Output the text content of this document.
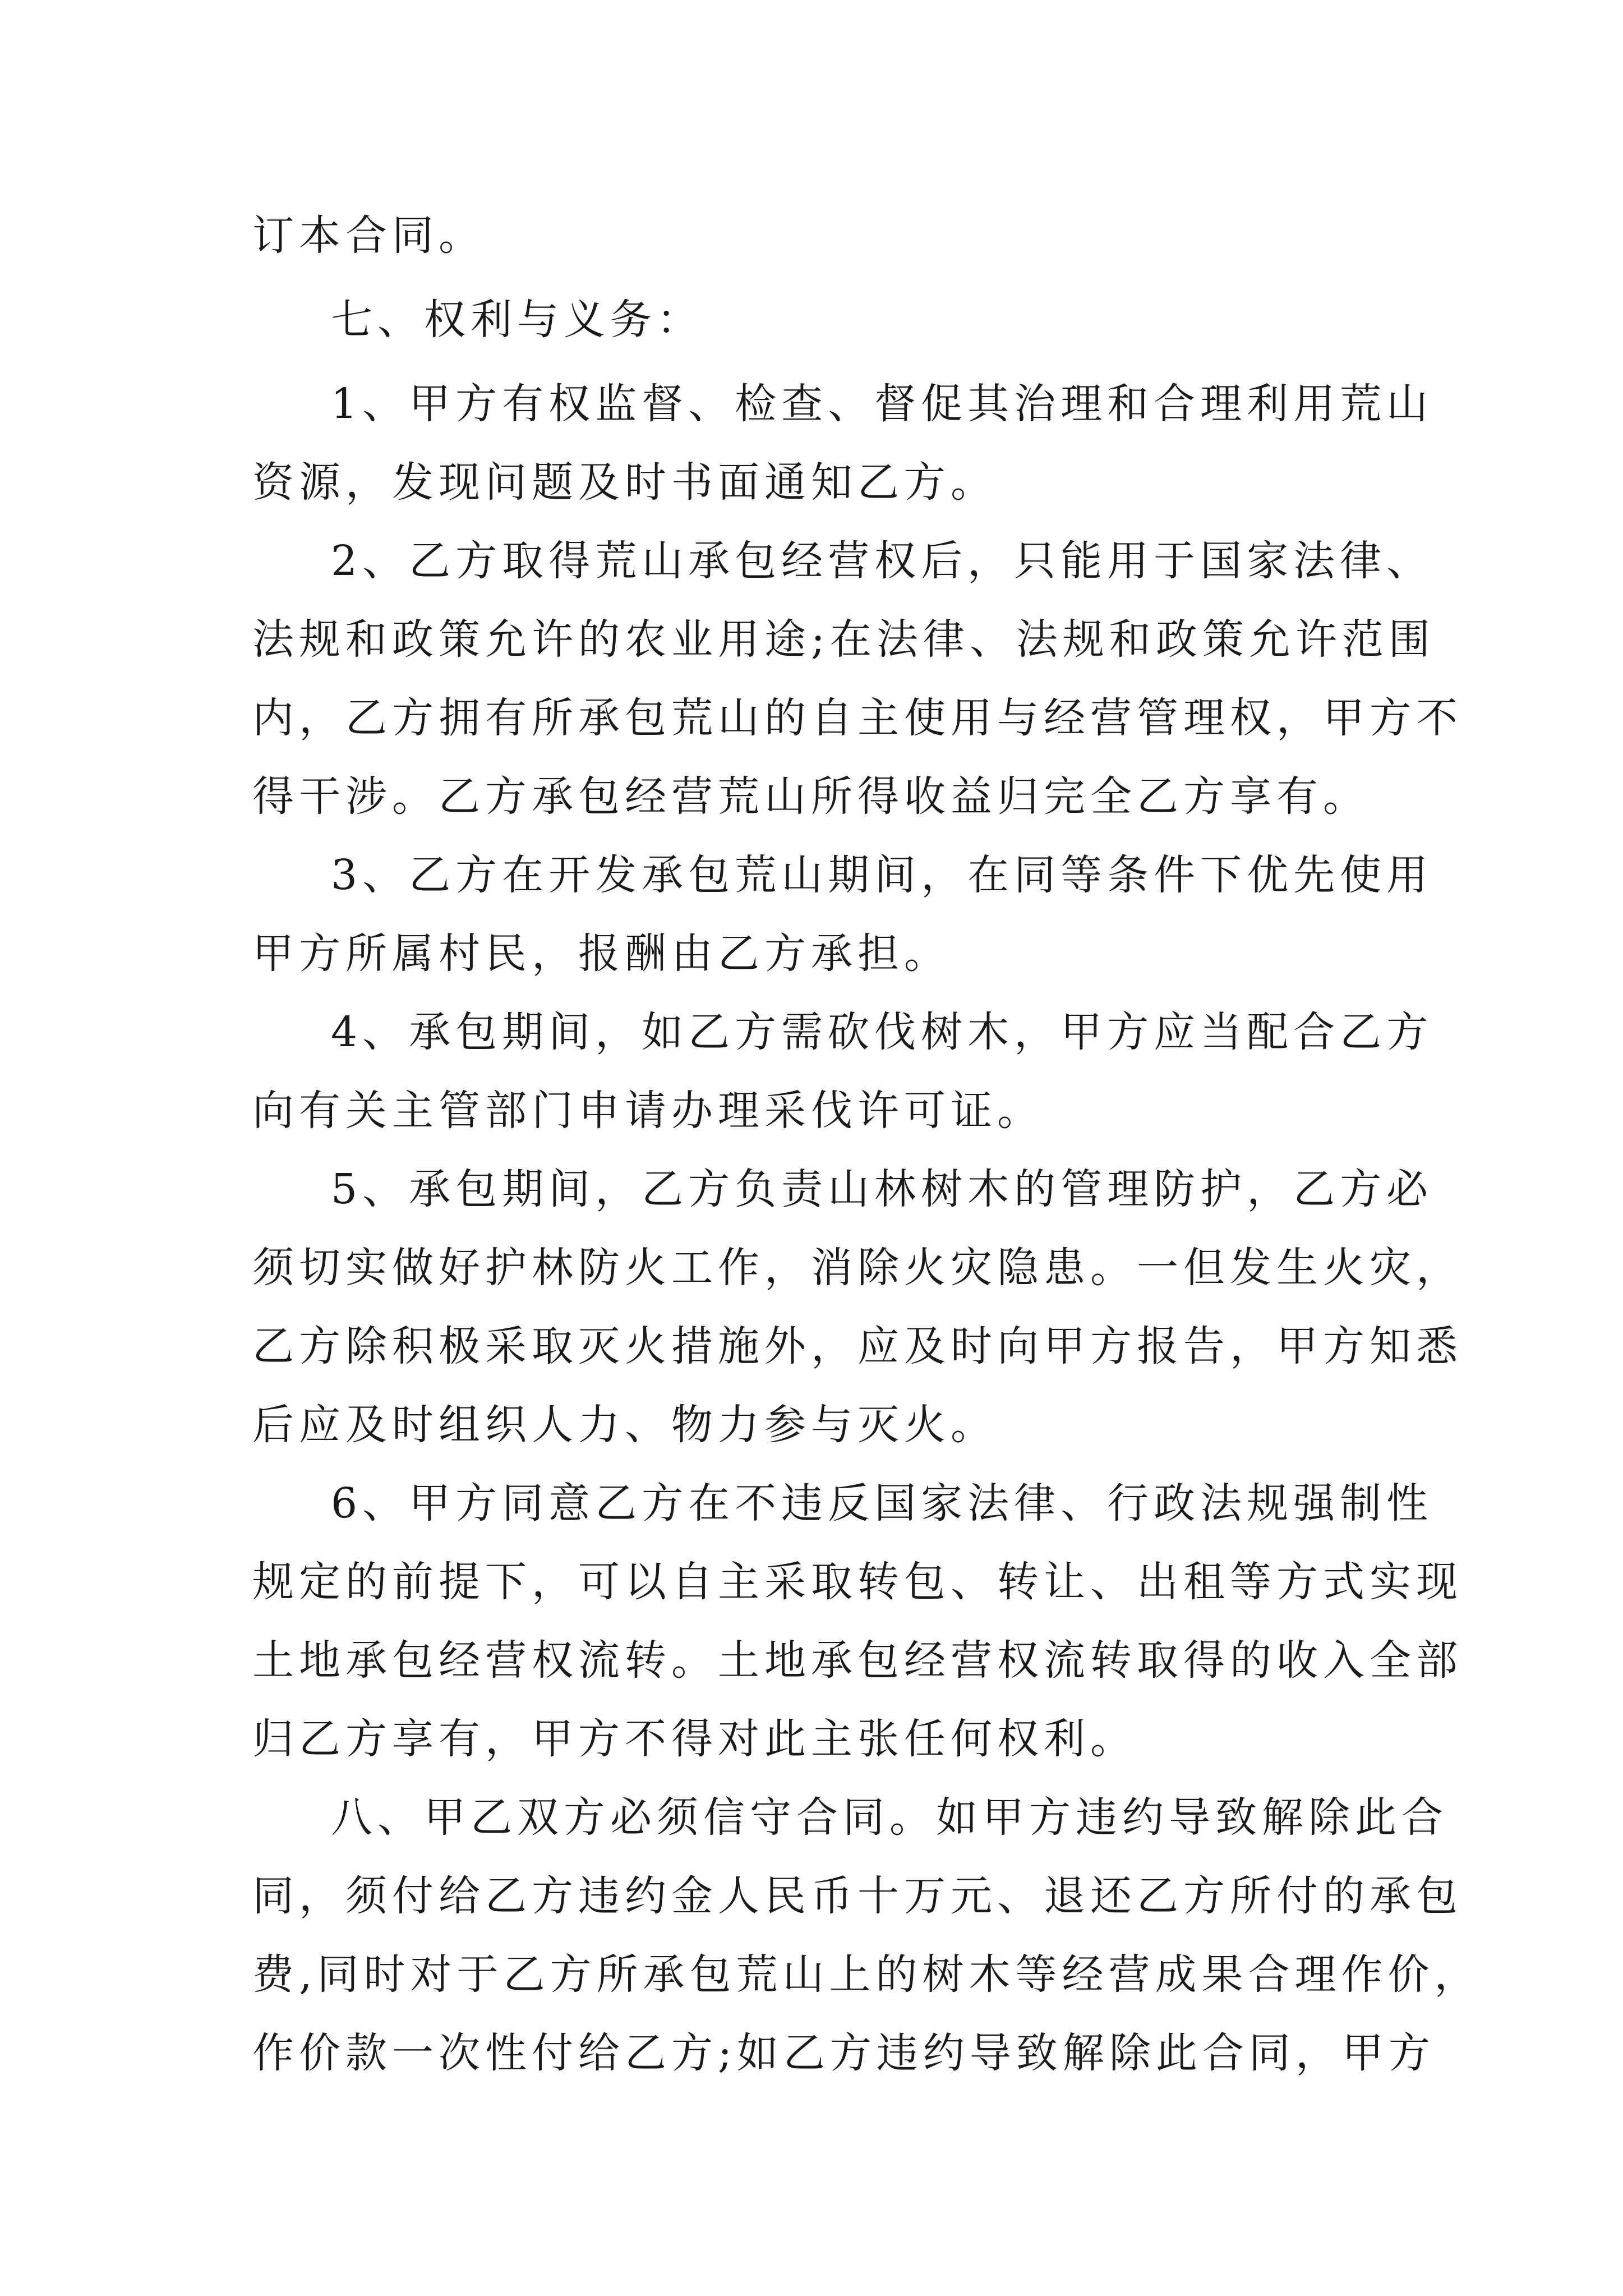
订本合同。
七、权利与义务：
1、甲方有权监督、检查、督促其治理和合理利用荒山
资源，发现问题及时书面通知乙方。
2、乙方取得荒山承包经营权后，只能用于国家法律、
法规和政策允许的农业用途;在法律、法规和政策允许范围
内，乙方拥有所承包荒山的自主使用与经营管理权，甲方不
得干涉。乙方承包经营荒山所得收益归完全乙方享有。
3、乙方在开发承包荒山期间，在同等条件下优先使用
甲方所属村民，报酬由乙方承担。
4、承包期间，如乙方需砍伐树木，甲方应当配合乙方
向有关主管部门申请办理采伐许可证。
5、承包期间，乙方负责山林树木的管理防护，乙方必
须切实做好护林防火工作，消除火灾隐患。一但发生火灾，
乙方除积极采取灭火措施外，应及时向甲方报告，甲方知悉
后应及时组织人力、物力参与灭火。
6、甲方同意乙方在不违反国家法律、行政法规强制性
规定的前提下，可以自主采取转包、转让、出租等方式实现
土地承包经营权流转。土地承包经营权流转取得的收入全部
归乙方享有，甲方不得对此主张任何权利。
八、甲乙双方必须信守合同。如甲方违约导致解除此合
同，须付给乙方违约金人民币十万元、退还乙方所付的承包
费,同时对于乙方所承包荒山上的树木等经营成果合理作价，
作价款一次性付给乙方;如乙方违约导致解除此合同，甲方
